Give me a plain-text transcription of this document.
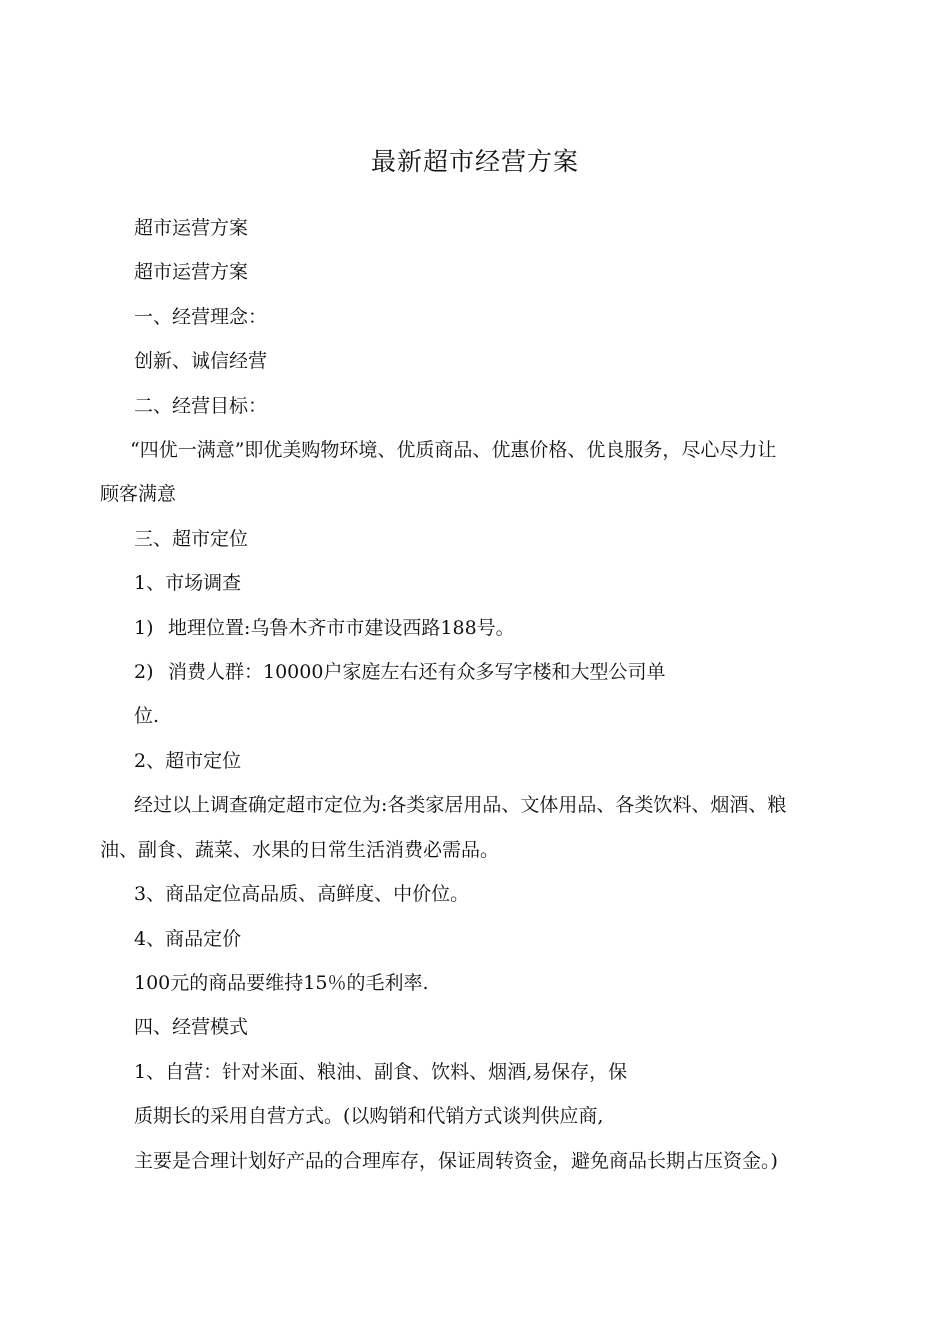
最新超市经营方案

超市运营方案

超市运营方案

一、经营理念：

创新、诚信经营

二、经营目标：

“四优一满意”即优美购物环境、优质商品、优惠价格、优良服务，尽心尽力让

顾客满意

三、超市定位

1、市场调查

1) 地理位置:乌鲁木齐市市建设西路188号。

2) 消费人群：10000户家庭左右还有众多写字楼和大型公司单

位.

2、超市定位

经过以上调查确定超市定位为:各类家居用品、文体用品、各类饮料、烟酒、粮

油、副食、蔬菜、水果的日常生活消费必需品。

3、商品定位高品质、高鲜度、中价位。

4、商品定价

100元的商品要维持15％的毛利率.

四、经营模式

1、自营：针对米面、粮油、副食、饮料、烟酒,易保存，保

质期长的采用自营方式。(以购销和代销方式谈判供应商,

主要是合理计划好产品的合理库存，保证周转资金，避免商品长期占压资金。)
